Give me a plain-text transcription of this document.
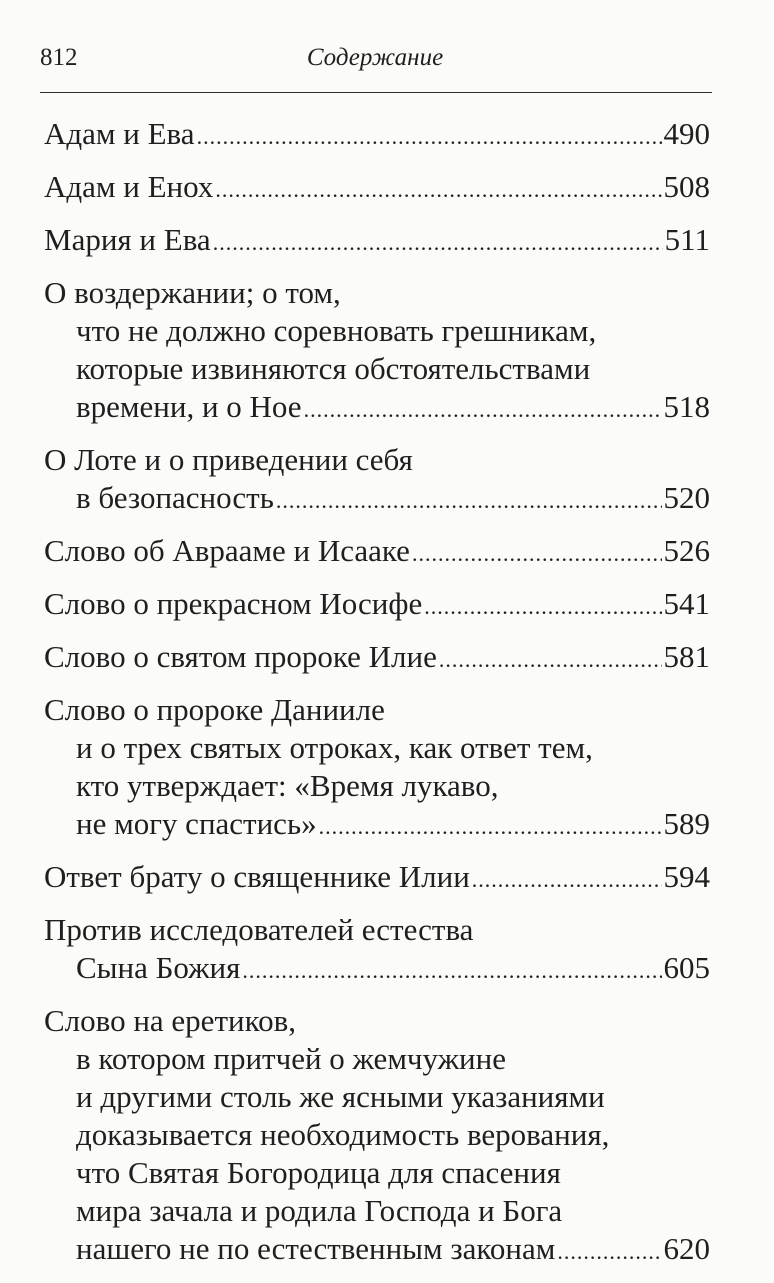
812	Содержание
Адам и Ева .....	490
Адам и Енох .....	508
Мария и Ева .....	511
О воздержании; о том,
что не должно соревновать грешникам,
которые извиняются обстоятельствами
времени, и о Ное .....	518
О Лоте и о приведении себя
в безопасность .....	520
Слово об Аврааме и Исааке .....	526
Слово о прекрасном Иосифе .....	541
Слово о святом пророке Илие .....	581
Слово о пророке Данииле
и о трех святых отроках, как ответ тем,
кто утверждает: «Время лукаво,
не могу спастись» .....	589
Ответ брату о священнике Илии .....	594
Против исследователей естества
Сына Божия .....	605
Слово на еретиков,
в котором притчей о жемчужине
и другими столь же ясными указаниями
доказывается необходимость верования,
что Святая Богородица для спасения
мира зачала и родила Господа и Бога
нашего не по естественным законам .....	620
